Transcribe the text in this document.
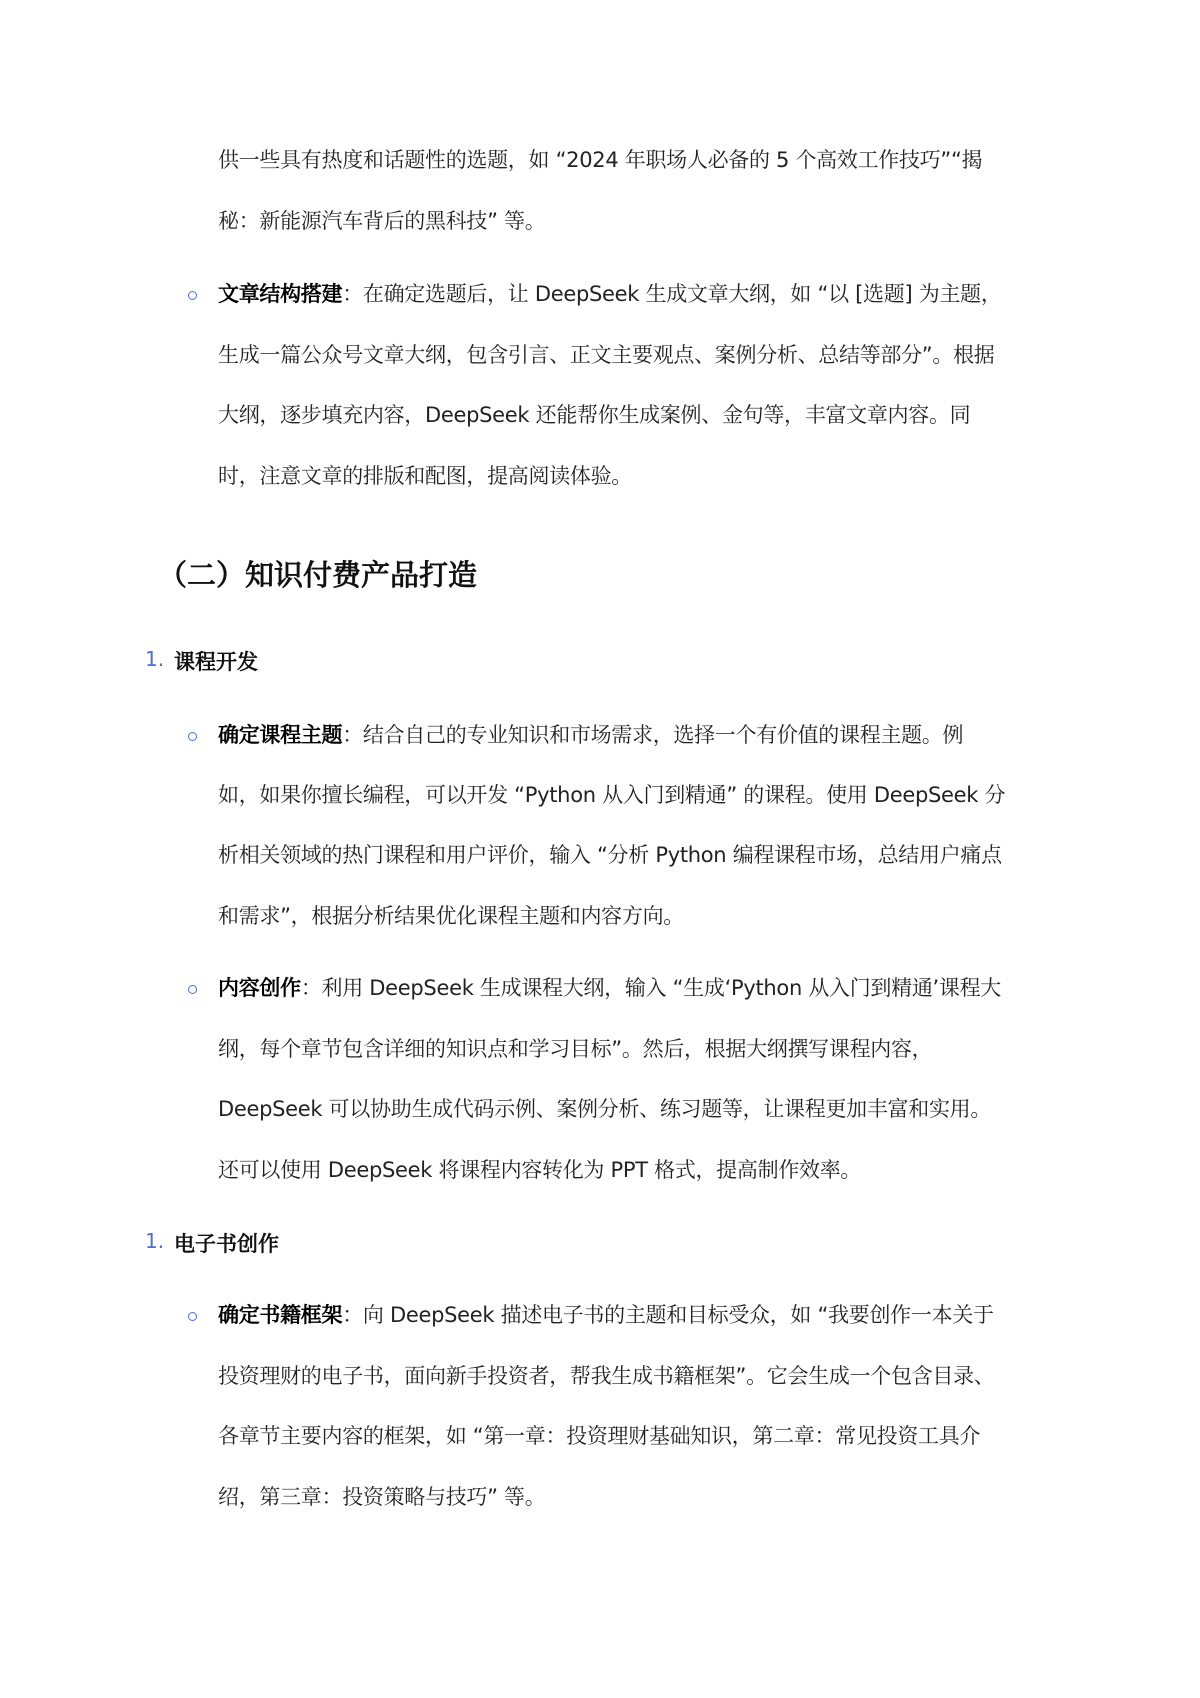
供一些具有热度和话题性的选题，如 “2024 年职场人必备的 5 个高效工作技巧”“揭
秘：新能源汽车背后的黑科技” 等。
文章结构搭建：在确定选题后，让 DeepSeek 生成文章大纲，如 “以 [选题] 为主题，
生成一篇公众号文章大纲，包含引言、正文主要观点、案例分析、总结等部分”。根据
大纲，逐步填充内容，DeepSeek 还能帮你生成案例、金句等，丰富文章内容。同
时，注意文章的排版和配图，提高阅读体验。
（二）知识付费产品打造
1. 课程开发
确定课程主题：结合自己的专业知识和市场需求，选择一个有价值的课程主题。例
如，如果你擅长编程，可以开发 “Python 从入门到精通” 的课程。使用 DeepSeek 分
析相关领域的热门课程和用户评价，输入 “分析 Python 编程课程市场，总结用户痛点
和需求”，根据分析结果优化课程主题和内容方向。
内容创作：利用 DeepSeek 生成课程大纲，输入 “生成‘Python 从入门到精通’课程大
纲，每个章节包含详细的知识点和学习目标”。然后，根据大纲撰写课程内容，
DeepSeek 可以协助生成代码示例、案例分析、练习题等，让课程更加丰富和实用。
还可以使用 DeepSeek 将课程内容转化为 PPT 格式，提高制作效率。
1. 电子书创作
确定书籍框架：向 DeepSeek 描述电子书的主题和目标受众，如 “我要创作一本关于
投资理财的电子书，面向新手投资者，帮我生成书籍框架”。它会生成一个包含目录、
各章节主要内容的框架，如 “第一章：投资理财基础知识，第二章：常见投资工具介
绍，第三章：投资策略与技巧” 等。
